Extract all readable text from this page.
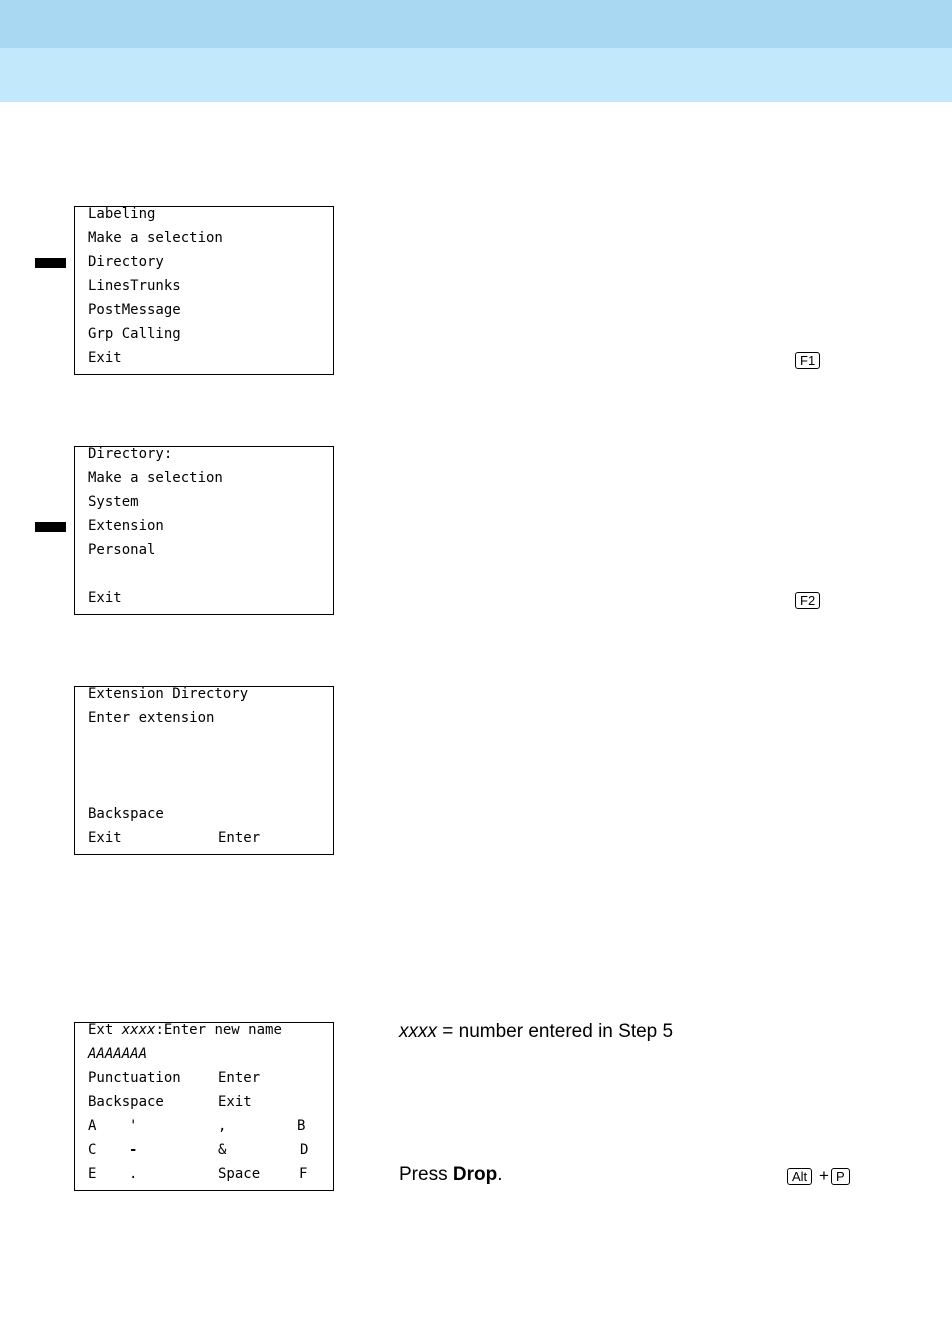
Labeling
Make a selection
Directory
LinesTrunks
PostMessage
Grp Calling
Exit	F1
Directory:
Make a selection
System
Extension
Personal
Exit	F2
Extension Directory
Enter extension
Backspace
Exit	Enter
Ext xxxx:Enter new name
AAAAAAA
Punctuation	Enter
Backspace	Exit
A '	,	B
C -	&	D
E .	Space	F
xxxx = number entered in Step 5
Press Drop.	Alt + P
